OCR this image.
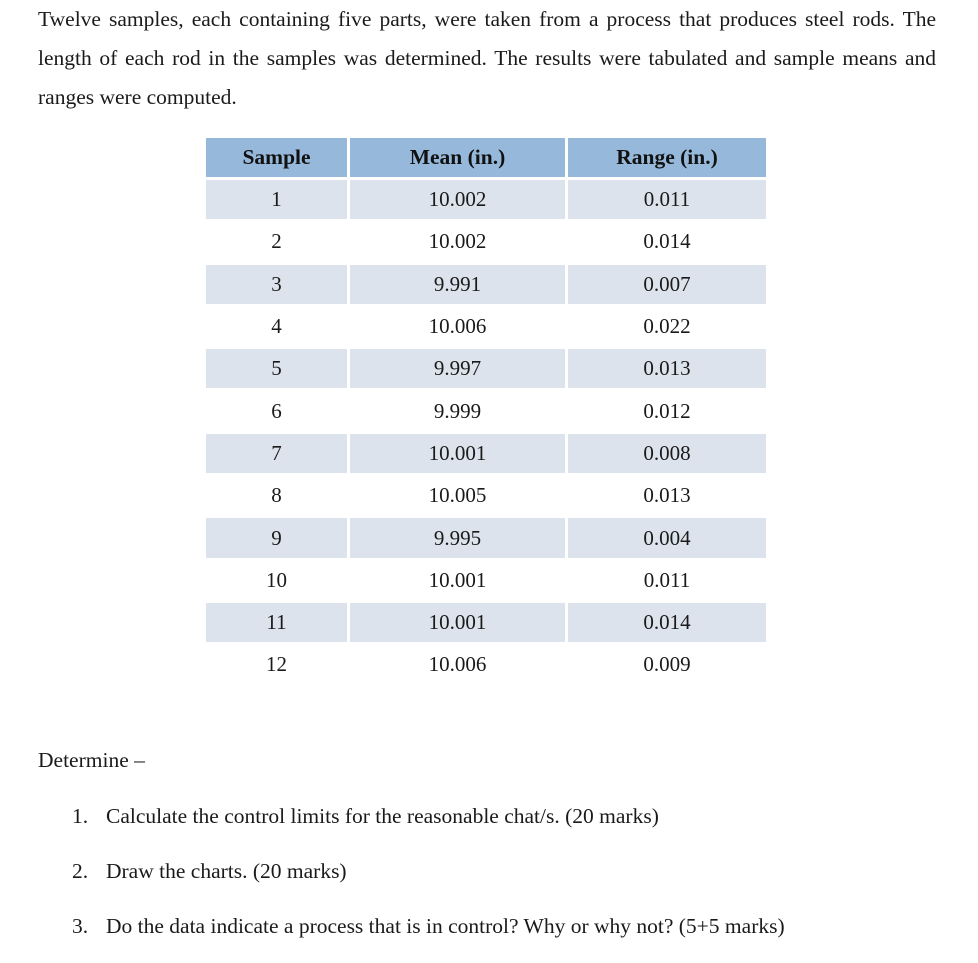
Twelve samples, each containing five parts, were taken from a process that produces steel rods. The length of each rod in the samples was determined. The results were tabulated and sample means and ranges were computed.

Sample	Mean (in.)	Range (in.)
1	10.002	0.011
2	10.002	0.014
3	9.991	0.007
4	10.006	0.022
5	9.997	0.013
6	9.999	0.012
7	10.001	0.008
8	10.005	0.013
9	9.995	0.004
10	10.001	0.011
11	10.001	0.014
12	10.006	0.009

Determine –

1. Calculate the control limits for the reasonable chat/s. (20 marks)
2. Draw the charts. (20 marks)
3. Do the data indicate a process that is in control? Why or why not? (5+5 marks)
